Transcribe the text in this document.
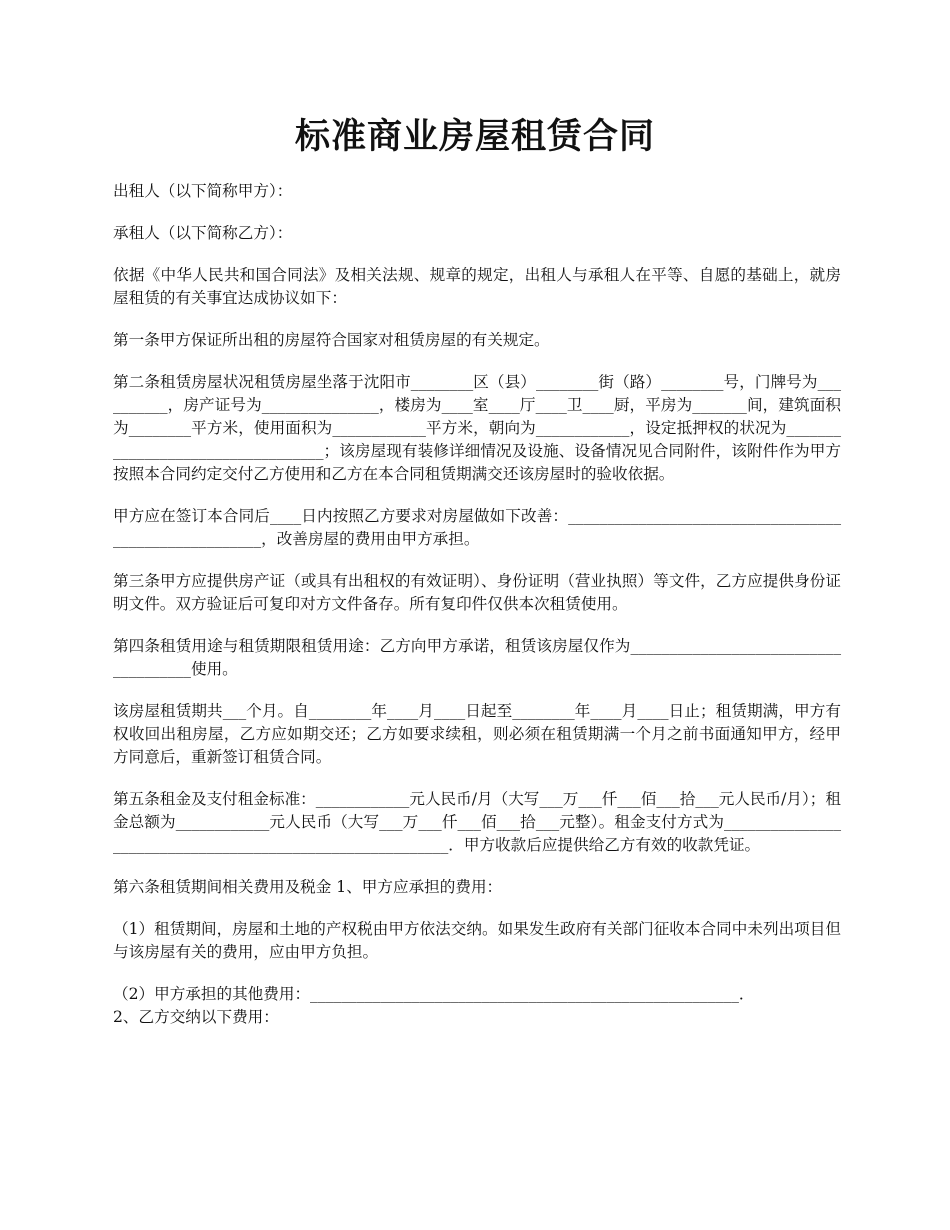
标准商业房屋租赁合同

出租人（以下简称甲方）：

承租人（以下简称乙方）：

依据《中华人民共和国合同法》及相关法规、规章的规定，出租人与承租人在平等、自愿的基础上，就房屋租赁的有关事宜达成协议如下：

第一条甲方保证所出租的房屋符合国家对租赁房屋的有关规定。

第二条租赁房屋状况租赁房屋坐落于沈阳市________区（县）________街（路）________号，门牌号为__________，房产证号为_______________，楼房为____室____厅____卫____厨，平房为_______间，建筑面积为________平方米，使用面积为____________平方米，朝向为____________，设定抵押权的状况为__________________________________；该房屋现有装修详细情况及设施、设备情况见合同附件，该附件作为甲方按照本合同约定交付乙方使用和乙方在本合同租赁期满交还该房屋时的验收依据。

甲方应在签订本合同后____日内按照乙方要求对房屋做如下改善：______________________________________________________，改善房屋的费用由甲方承担。

第三条甲方应提供房产证（或具有出租权的有效证明）、身份证明（营业执照）等文件，乙方应提供身份证明文件。双方验证后可复印对方文件备存。所有复印件仅供本次租赁使用。

第四条租赁用途与租赁期限租赁用途：乙方向甲方承诺，租赁该房屋仅作为_____________________________________使用。

该房屋租赁期共___个月。自________年____月____日起至________年____月____日止；租赁期满，甲方有权收回出租房屋，乙方应如期交还；乙方如要求续租，则必须在租赁期满一个月之前书面通知甲方，经甲方同意后，重新签订租赁合同。

第五条租金及支付租金标准：____________元人民币/月（大写___万___仟___佰___拾___元人民币/月）；租金总额为____________元人民币（大写___万___仟___佰___拾___元整）。租金支付方式为__________________________________________________________．甲方收款后应提供给乙方有效的收款凭证。

第六条租赁期间相关费用及税金 1、甲方应承担的费用：

（1）租赁期间，房屋和土地的产权税由甲方依法交纳。如果发生政府有关部门征收本合同中未列出项目但与该房屋有关的费用，应由甲方负担。

（2）甲方承担的其他费用：_______________________________________________________．

2、乙方交纳以下费用：
